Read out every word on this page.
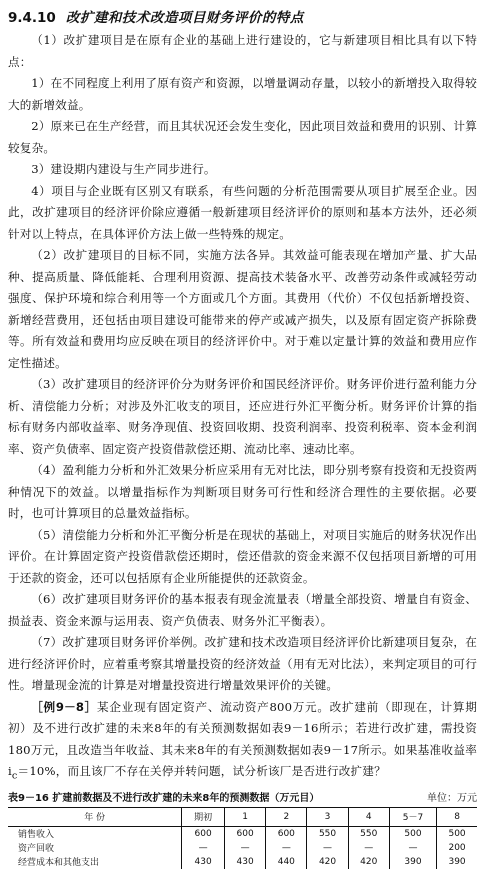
9.4.10 改扩建和技术改造项目财务评价的特点

（1）改扩建项目是在原有企业的基础上进行建设的，它与新建项目相比具有以下特点：

1）在不同程度上利用了原有资产和资源，以增量调动存量，以较小的新增投入取得较大的新增效益。

2）原来已在生产经营，而且其状况还会发生变化，因此项目效益和费用的识别、计算较复杂。

3）建设期内建设与生产同步进行。

4）项目与企业既有区别又有联系，有些问题的分析范围需要从项目扩展至企业。因此，改扩建项目的经济评价除应遵循一般新建项目经济评价的原则和基本方法外，还必须针对以上特点，在具体评价方法上做一些特殊的规定。

（2）改扩建项目的目标不同，实施方法各异。其效益可能表现在增加产量、扩大品种、提高质量、降低能耗、合理利用资源、提高技术装备水平、改善劳动条件或减轻劳动强度、保护环境和综合利用等一个方面或几个方面。其费用（代价）不仅包括新增投资、新增经营费用，还包括由项目建设可能带来的停产或减产损失，以及原有固定资产拆除费等。所有效益和费用均应反映在项目的经济评价中。对于难以定量计算的效益和费用应作定性描述。

（3）改扩建项目的经济评价分为财务评价和国民经济评价。财务评价进行盈利能力分析、清偿能力分析；对涉及外汇收支的项目，还应进行外汇平衡分析。财务评价计算的指标有财务内部收益率、财务净现值、投资回收期、投资利润率、投资利税率、资本金利润率、资产负债率、固定资产投资借款偿还期、流动比率、速动比率。

（4）盈利能力分析和外汇效果分析应采用有无对比法，即分别考察有投资和无投资两种情况下的效益。以增量指标作为判断项目财务可行性和经济合理性的主要依据。必要时，也可计算项目的总量效益指标。

（5）清偿能力分析和外汇平衡分析是在现状的基础上，对项目实施后的财务状况作出评价。在计算固定资产投资借款偿还期时，偿还借款的资金来源不仅包括项目新增的可用于还款的资金，还可以包括原有企业所能提供的还款资金。

（6）改扩建项目财务评价的基本报表有现金流量表（增量全部投资、增量自有资金、损益表、资金来源与运用表、资产负债表、财务外汇平衡表）。

（7）改扩建项目财务评价举例。改扩建和技术改造项目经济评价比新建项目复杂，在进行经济评价时，应着重考察其增量投资的经济效益（用有无对比法），来判定项目的可行性。增量现金流的计算是对增量投资进行增量效果评价的关键。

［例9－8］某企业现有固定资产、流动资产800万元。改扩建前（即现在，计算期初）及不进行改扩建的未来8年的有关预测数据如表9－16所示；若进行改扩建，需投资180万元，且改造当年收益、其未来8年的有关预测数据如表9－17所示。如果基准收益率 $i_c=10\%$，而且该厂不存在关停并转问题，试分析该厂是否进行改扩建？

表9－16 扩建前数据及不进行改扩建的未来8年的预测数据（万元目）	单位：万元
年 份	期初	1	2	3	4	5－7	8
销售收入	600	600	600	550	550	500	500
资产回收	—	—	—	—	—	—	200
经营成本和其他支出	430	430	440	420	420	390	390
